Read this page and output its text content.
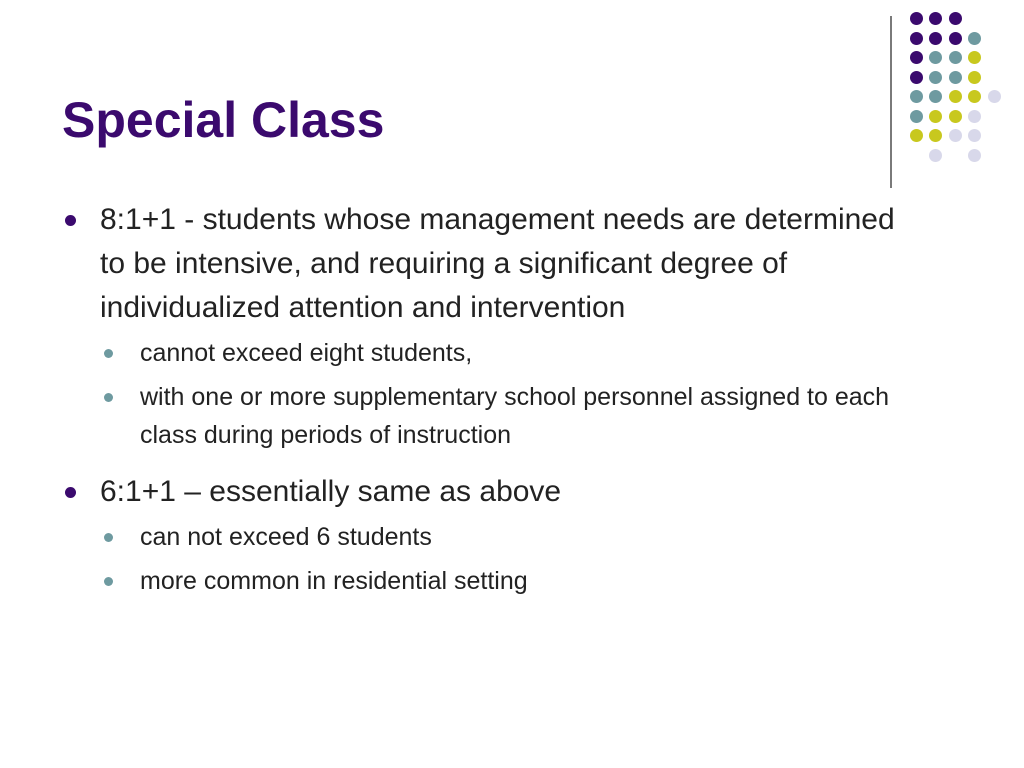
Special Class
8:1+1 - students whose management needs are determined to be intensive, and requiring a significant degree of individualized attention and intervention
cannot exceed eight students,
with one or more supplementary school personnel assigned to each class during periods of instruction
6:1+1 – essentially same as above
can not exceed 6 students
more common in residential setting
